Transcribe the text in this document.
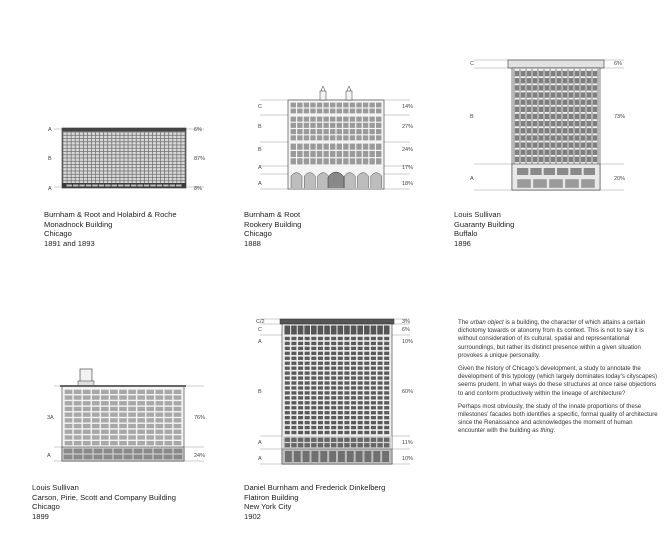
A
B
A
6%
87%
8%
Burnham & Root and Holabird & Roche
Monadnock Building
Chicago
1891 and 1893
C
B
B
A
A
14%
27%
24%
17%
18%
Burnham & Root
Rookery Building
Chicago
1888
C
B
A
6%
73%
20%
Louis Sullivan
Guaranty Building
Buffalo
1896
3A
A
76%
24%
Louis Sullivan
Carson, Pirie, Scott and Company Building
Chicago
1899
C/2
C
A
B
A
A
3%
6%
10%
60%
11%
10%
Daniel Burnham and Frederick Dinkelberg
Flatiron Building
New York City
1902

The urban object is a building, the character of which attains a certain dichotomy towards or atonomy from its context. This is not to say it is without consideration of its cultural, spatial and representational surroundings, but rather its distinct presence within a given situation provokes a unique personality.

Given the history of Chicago’s development, a study to annotate the development of this typology (which largely dominates today’s cityscapes) seems prudent. In what ways do these structures at once raise objections to and conform productively within the lineage of architecture?

Perhaps most obviously, the study of the innate proportions of these milestones’ facades both identifies a specific, formal quality of architecture since the Renaissance and acknowledges the moment of human encounter with the building as thing.
